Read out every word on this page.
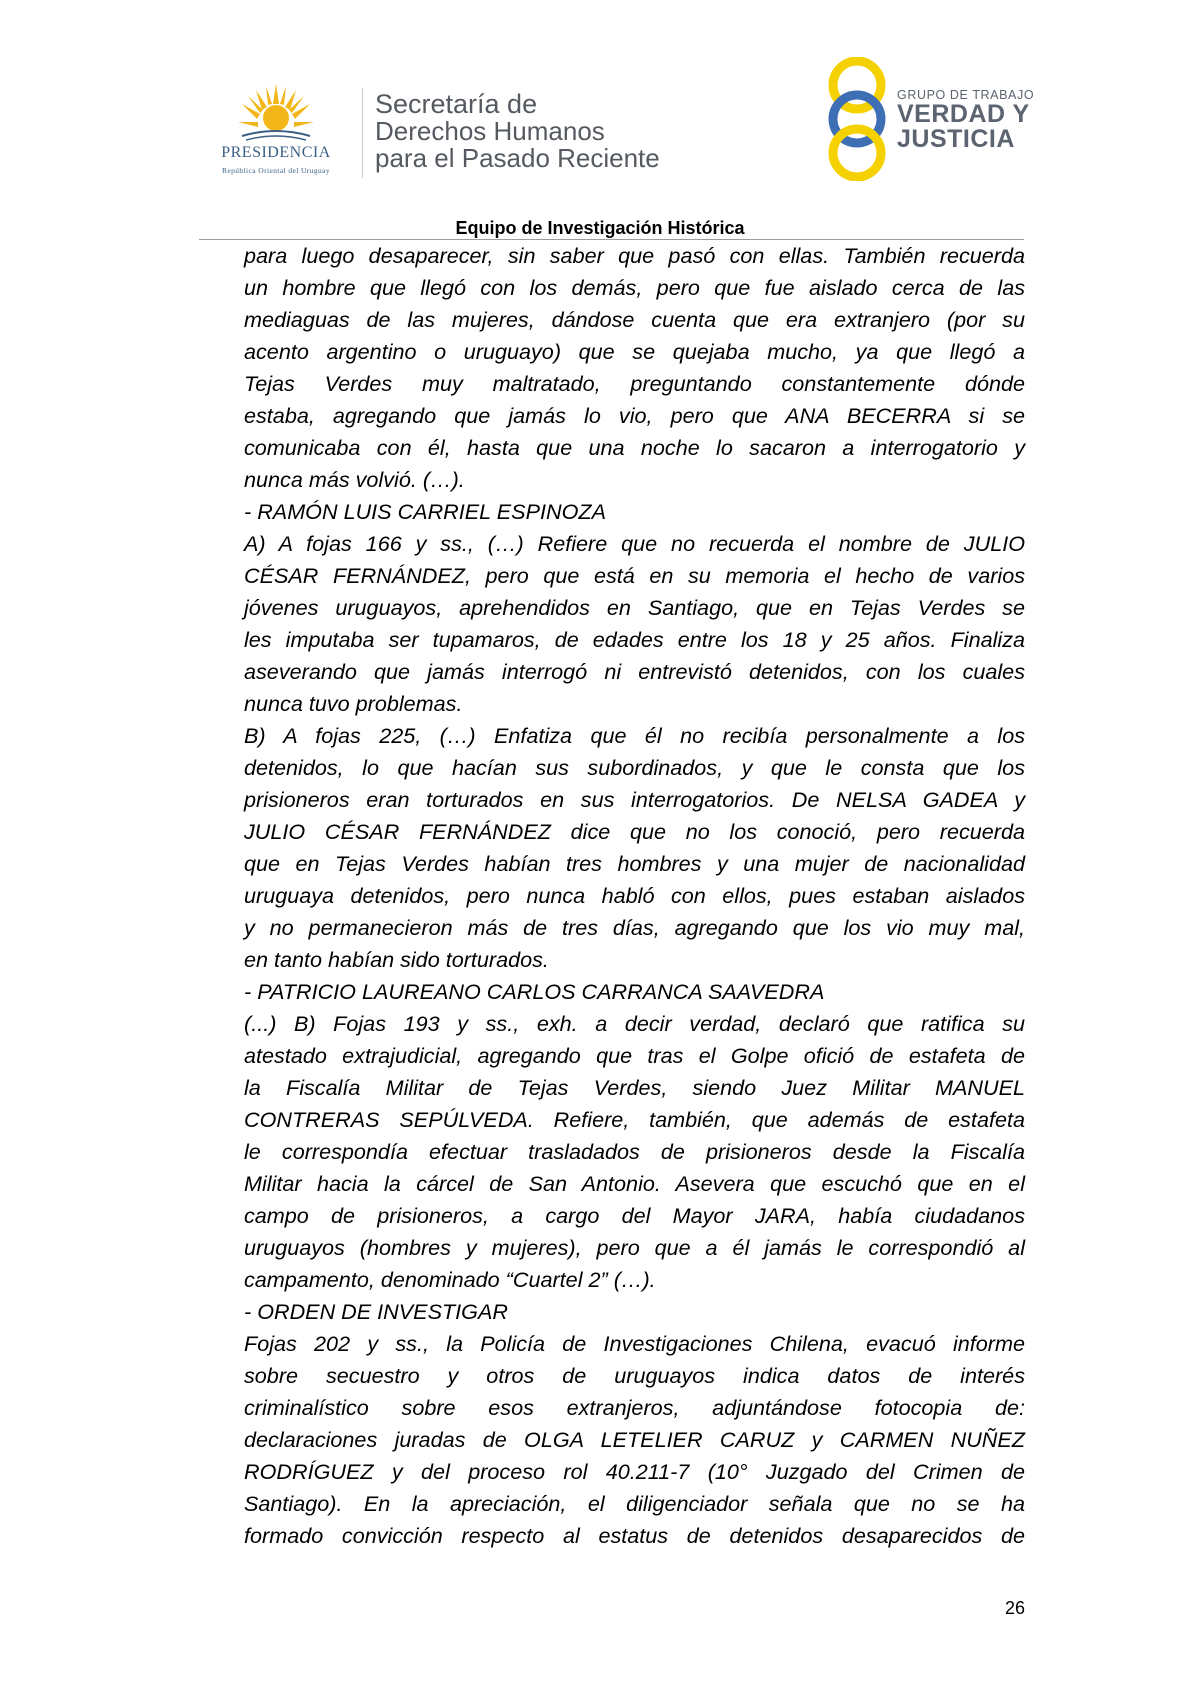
PRESIDENCIA
República Oriental del Uruguay
Secretaría de
Derechos Humanos
para el Pasado Reciente
GRUPO DE TRABAJO
VERDAD Y
JUSTICIA
Equipo de Investigación Histórica
para luego desaparecer, sin saber que pasó con ellas. También recuerda
un hombre que llegó con los demás, pero que fue aislado cerca de las
mediaguas de las mujeres, dándose cuenta que era extranjero (por su
acento argentino o uruguayo) que se quejaba mucho, ya que llegó a
Tejas Verdes muy maltratado, preguntando constantemente dónde
estaba, agregando que jamás lo vio, pero que ANA BECERRA si se
comunicaba con él, hasta que una noche lo sacaron a interrogatorio y
nunca más volvió. (…).
- RAMÓN LUIS CARRIEL ESPINOZA
A) A fojas 166 y ss., (…) Refiere que no recuerda el nombre de JULIO
CÉSAR FERNÁNDEZ, pero que está en su memoria el hecho de varios
jóvenes uruguayos, aprehendidos en Santiago, que en Tejas Verdes se
les imputaba ser tupamaros, de edades entre los 18 y 25 años. Finaliza
aseverando que jamás interrogó ni entrevistó detenidos, con los cuales
nunca tuvo problemas.
B) A fojas 225, (…) Enfatiza que él no recibía personalmente a los
detenidos, lo que hacían sus subordinados, y que le consta que los
prisioneros eran torturados en sus interrogatorios. De NELSA GADEA y
JULIO CÉSAR FERNÁNDEZ dice que no los conoció, pero recuerda
que en Tejas Verdes habían tres hombres y una mujer de nacionalidad
uruguaya detenidos, pero nunca habló con ellos, pues estaban aislados
y no permanecieron más de tres días, agregando que los vio muy mal,
en tanto habían sido torturados.
- PATRICIO LAUREANO CARLOS CARRANCA SAAVEDRA
(...) B) Fojas 193 y ss., exh. a decir verdad, declaró que ratifica su
atestado extrajudicial, agregando que tras el Golpe ofició de estafeta de
la Fiscalía Militar de Tejas Verdes, siendo Juez Militar MANUEL
CONTRERAS SEPÚLVEDA. Refiere, también, que además de estafeta
le correspondía efectuar trasladados de prisioneros desde la Fiscalía
Militar hacia la cárcel de San Antonio. Asevera que escuchó que en el
campo de prisioneros, a cargo del Mayor JARA, había ciudadanos
uruguayos (hombres y mujeres), pero que a él jamás le correspondió al
campamento, denominado “Cuartel 2” (…).
- ORDEN DE INVESTIGAR
Fojas 202 y ss., la Policía de Investigaciones Chilena, evacuó informe
sobre secuestro y otros de uruguayos indica datos de interés
criminalístico sobre esos extranjeros, adjuntándose fotocopia de:
declaraciones juradas de OLGA LETELIER CARUZ y CARMEN NUÑEZ
RODRÍGUEZ y del proceso rol 40.211-7 (10° Juzgado del Crimen de
Santiago). En la apreciación, el diligenciador señala que no se ha
formado convicción respecto al estatus de detenidos desaparecidos de
26
